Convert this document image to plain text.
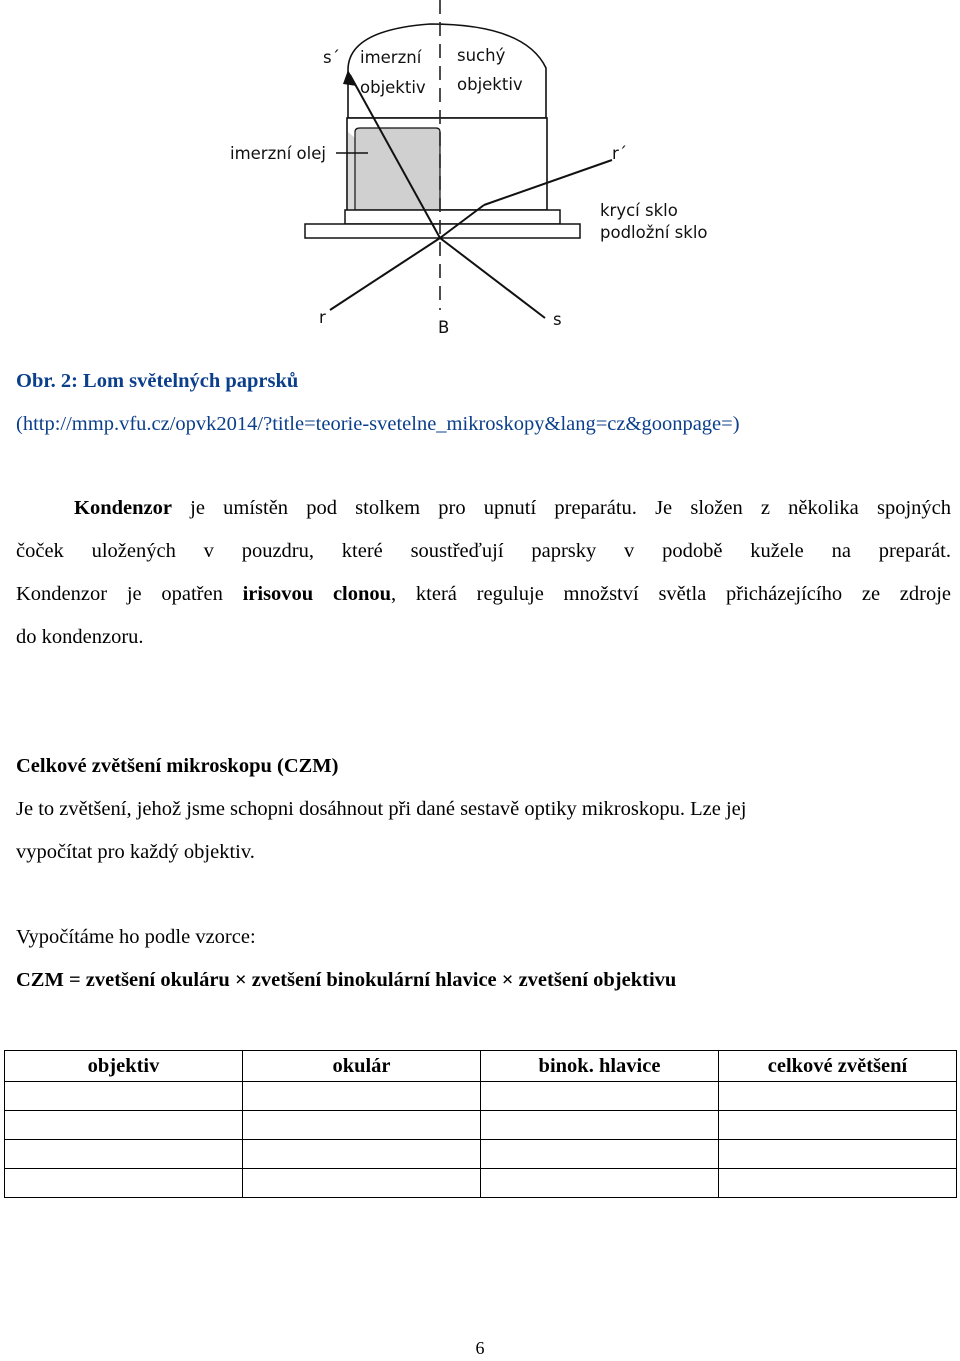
s´ imerzní
objektiv
suchý
objektiv
imerzní olej	r´
krycí sklo
podložní sklo
r
B	s
Obr. 2: Lom světelných paprsků
(http://mmp.vfu.cz/opvk2014/?title=teorie-svetelne_mikroskopy&lang=cz&goonpage=)
Kondenzor je umístěn pod stolkem pro upnutí preparátu. Je složen z několika spojných
čoček uložených v pouzdru, které soustřeďují paprsky v podobě kužele na preparát.
Kondenzor je opatřen irisovou clonou, která reguluje množství světla přicházejícího ze zdroje
do kondenzoru.
Celkové zvětšení mikroskopu (CZM)
Je to zvětšení, jehož jsme schopni dosáhnout při dané sestavě optiky mikroskopu. Lze jej
vypočítat pro každý objektiv.
Vypočítáme ho podle vzorce:
CZM = zvetšení okuláru × zvetšení binokulární hlavice × zvetšení objektivu
objektiv	okulár	binok. hlavice	celkové zvětšení

6
